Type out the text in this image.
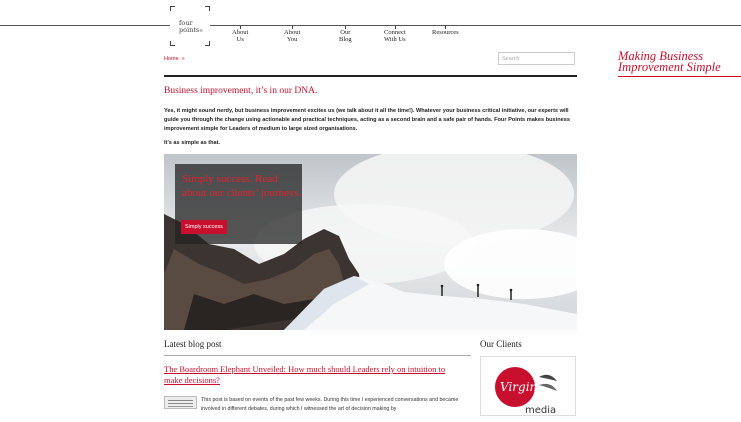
four
points®	About
Us
About
You
Our
Blog
Connect
With Us
Resources
Making Business Improvement Simple
Home »	Search
Business improvement, it’s in our DNA.
Yes, it might sound nerdy, but business improvement excites us (we talk about it all the time!). Whatever your business critical initiative, our experts will guide you through the change using actionable and practical techniques, acting as a second brain and a safe pair of hands. Four Points makes business improvement simple for Leaders of medium to large sized organisations.
It’s as simple as that.
Simply success. Read about our clients’ journeys.
Simply success
Latest blog post
The Boardroom Elephant Unveiled: How much should Leaders rely on intuition to make decisions?
This post is based on events of the past few weeks. During this time I experienced conversations and became involved in different debates, during which I witnessed the art of decision making by
Our Clients
Virgin
media
